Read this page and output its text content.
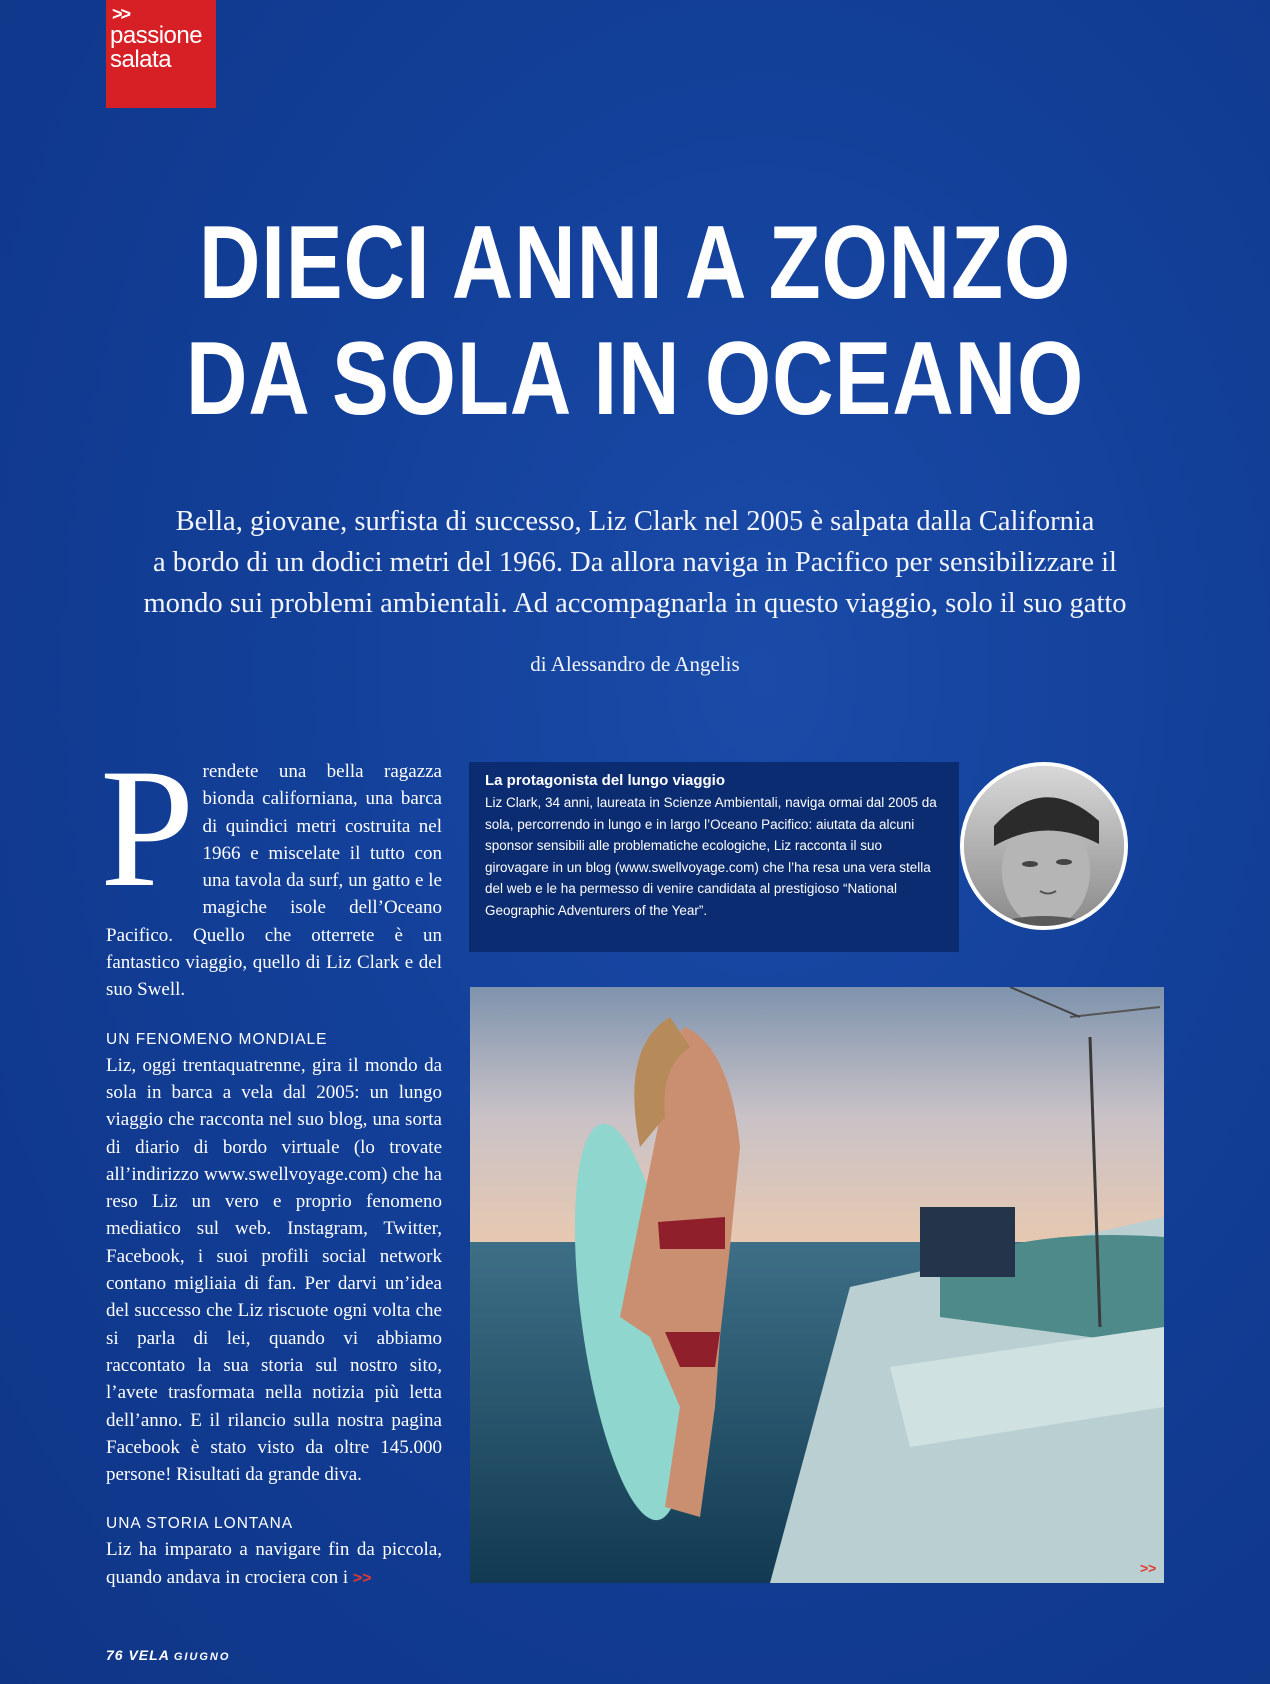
>>
passione
salata
DIECI ANNI A ZONZO
DA SOLA IN OCEANO
Bella, giovane, surfista di successo, Liz Clark nel 2005 è salpata dalla California
a bordo di un dodici metri del 1966. Da allora naviga in Pacifico per sensibilizzare il
mondo sui problemi ambientali. Ad accompagnarla in questo viaggio, solo il suo gatto
di Alessandro de Angelis
P rendete una bella ragazza bionda californiana, una barca di quindici metri costruita nel 1966 e miscelate il tutto con una tavola da surf, un gatto e le magiche isole dell’Oceano Pacifico. Quello che otterrete è un fantastico viaggio, quello di Liz Clark e del suo Swell.

UN FENOMENO MONDIALE

Liz, oggi trentaquatrenne, gira il mondo da sola in barca a vela dal 2005: un lungo viaggio che racconta nel suo blog, una sorta di diario di bordo virtuale (lo trovate all’indirizzo www.swellvoyage.com) che ha reso Liz un vero e proprio fenomeno mediatico sul web. Instagram, Twitter, Facebook, i suoi profili social network contano migliaia di fan. Per darvi un’idea del successo che Liz riscuote ogni volta che si parla di lei, quando vi abbiamo raccontato la sua storia sul nostro sito, l’avete trasformata nella notizia più letta dell’anno. E il rilancio sulla nostra pagina Facebook è stato visto da oltre 145.000 persone! Risultati da grande diva.

UNA STORIA LONTANA

Liz ha imparato a navigare fin da piccola, quando andava in crociera con i >>

La protagonista del lungo viaggio
Liz Clark, 34 anni, laureata in Scienze Ambientali, naviga ormai dal 2005 da sola, percorrendo in lungo e in largo l’Oceano Pacifico: aiutata da alcuni sponsor sensibili alle problematiche ecologiche, Liz racconta il suo girovagare in un blog (www.swellvoyage.com) che l’ha resa una vera stella del web e le ha permesso di venire candidata al prestigioso “National Geographic Adventurers of the Year”.
>>
76 VELA GIUGNO
